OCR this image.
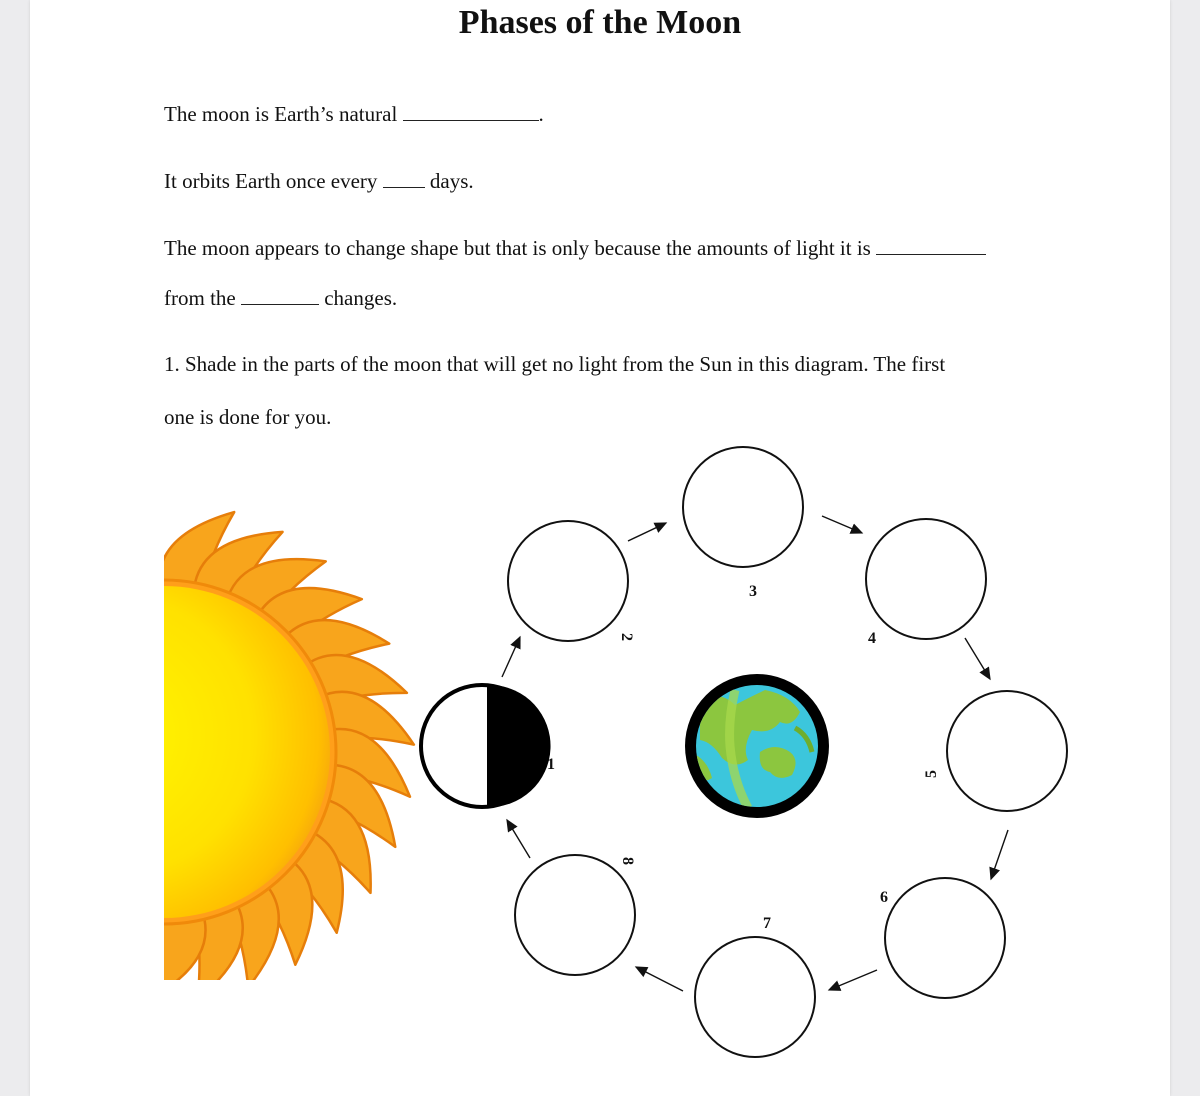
Phases of the Moon
The moon is Earth’s natural	.
It orbits Earth once every	days.
The moon appears to change shape but that is only because the amounts of light it is
from the	changes.
1. Shade in the parts of the moon that will get no light from the Sun in this diagram. The first
one is done for you.
1
2
3
4
5
6
7
8
